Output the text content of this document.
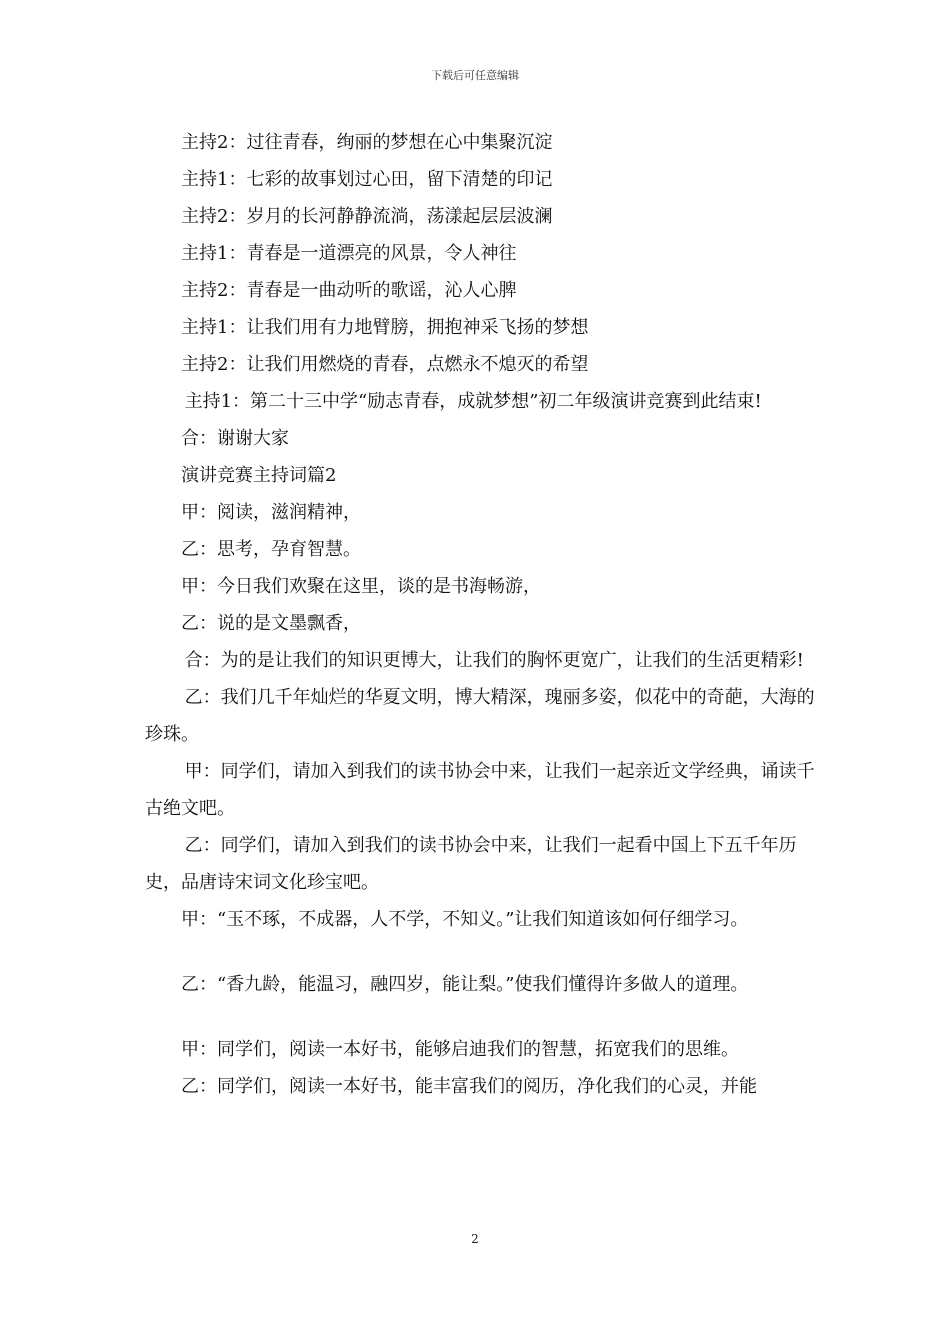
下载后可任意编辑

主持2：过往青春，绚丽的梦想在心中集聚沉淀

主持1：七彩的故事划过心田，留下清楚的印记

主持2：岁月的长河静静流淌，荡漾起层层波澜

主持1：青春是一道漂亮的风景，令人神往

主持2：青春是一曲动听的歌谣，沁人心脾

主持1：让我们用有力地臂膀，拥抱神采飞扬的梦想

主持2：让我们用燃烧的青春，点燃永不熄灭的希望

主持1：第二十三中学“励志青春，成就梦想”初二年级演讲竞赛到此结束!

合：谢谢大家

演讲竞赛主持词篇2

甲：阅读，滋润精神，

乙：思考，孕育智慧。

甲：今日我们欢聚在这里，谈的是书海畅游，

乙：说的是文墨飘香，

合：为的是让我们的知识更博大，让我们的胸怀更宽广，让我们的生活更精彩!

乙：我们几千年灿烂的华夏文明，博大精深，瑰丽多姿，似花中的奇葩，大海的珍珠。

甲：同学们，请加入到我们的读书协会中来，让我们一起亲近文学经典，诵读千古绝文吧。

乙：同学们，请加入到我们的读书协会中来，让我们一起看中国上下五千年历史，品唐诗宋词文化珍宝吧。

甲：“玉不琢，不成器，人不学，不知义。”让我们知道该如何仔细学习。

乙：“香九龄，能温习，融四岁，能让梨。”使我们懂得许多做人的道理。

甲：同学们，阅读一本好书，能够启迪我们的智慧，拓宽我们的思维。

乙：同学们，阅读一本好书，能丰富我们的阅历，净化我们的心灵，并能

2
